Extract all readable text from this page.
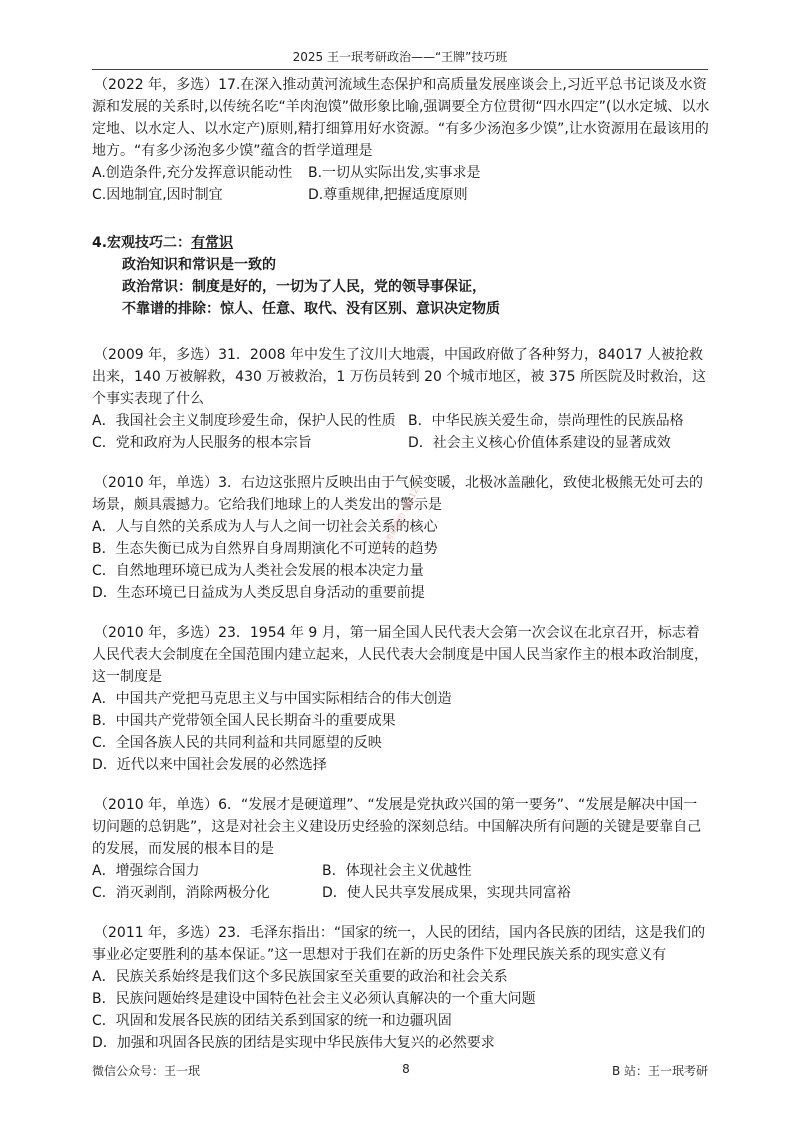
2025 王一珉考研政治——“王牌”技巧班

（2022 年，多选）17.在深入推动黄河流域生态保护和高质量发展座谈会上,习近平总书记谈及水资源和发展的关系时,以传统名吃“羊肉泡馍”做形象比喻,强调要全方位贯彻“四水四定”(以水定城、以水定地、以水定人、以水定产)原则,精打细算用好水资源。“有多少汤泡多少馍”,让水资源用在最该用的地方。“有多少汤泡多少馍”蕴含的哲学道理是

A.创造条件,充分发挥意识能动性	B.一切从实际出发,实事求是
C.因地制宜,因时制宜	D.尊重规律,把握适度原则
4.宏观技巧二：有常识
政治知识和常识是一致的
政治常识：制度是好的，一切为了人民，党的领导事保证，
不靠谱的排除：惊人、任意、取代、没有区别、意识决定物质

（2009 年，多选）31．2008 年中发生了汶川大地震，中国政府做了各种努力，84017 人被抢救出来，140 万被解救，430 万被救治，1 万伤员转到 20 个城市地区，被 375 所医院及时救治，这个事实表现了什么

A．我国社会主义制度珍爱生命，保护人民的性质 B．中华民族关爱生命，崇尚理性的民族品格
C．党和政府为人民服务的根本宗旨	D．社会主义核心价值体系建设的显著成效

（2010 年，单选）3．右边这张照片反映出由于气候变暖，北极冰盖融化，致使北极熊无处可去的场景，颇具震撼力。它给我们地球上的人类发出的警示是

A．人与自然的关系成为人与人之间一切社会关系的核心
B．生态失衡已成为自然界自身周期演化不可逆转的趋势
C．自然地理环境已成为人类社会发展的根本决定力量
D．生态环境已日益成为人类反思自身活动的重要前提

（2010 年，多选）23．1954 年 9 月，第一届全国人民代表大会第一次会议在北京召开，标志着人民代表大会制度在全国范围内建立起来，人民代表大会制度是中国人民当家作主的根本政治制度，这一制度是

A．中国共产党把马克思主义与中国实际相结合的伟大创造
B．中国共产党带领全国人民长期奋斗的重要成果
C．全国各族人民的共同利益和共同愿望的反映
D．近代以来中国社会发展的必然选择

（2010 年，单选）6．“发展才是硬道理”、“发展是党执政兴国的第一要务”、“发展是解决中国一切问题的总钥匙”，这是对社会主义建设历史经验的深刻总结。中国解决所有问题的关键是要靠自己的发展，而发展的根本目的是

A．增强综合国力	B．体现社会主义优越性
C．消灭剥削，消除两极分化	D．使人民共享发展成果，实现共同富裕

（2011 年，多选）23．毛泽东指出：“国家的统一，人民的团结，国内各民族的团结，这是我们的事业必定要胜利的基本保证。”这一思想对于我们在新的历史条件下处理民族关系的现实意义有

A．民族关系始终是我们这个多民族国家至关重要的政治和社会关系
B．民族问题始终是建设中国特色社会主义必须认真解决的一个重大问题
C．巩固和发展各民族的团结关系到国家的统一和边疆巩固
D．加强和巩固各民族的团结是实现中华民族伟大复兴的必然要求
王一珉考研政治 385123
微信公众号：王一珉	8	B 站：王一珉考研
